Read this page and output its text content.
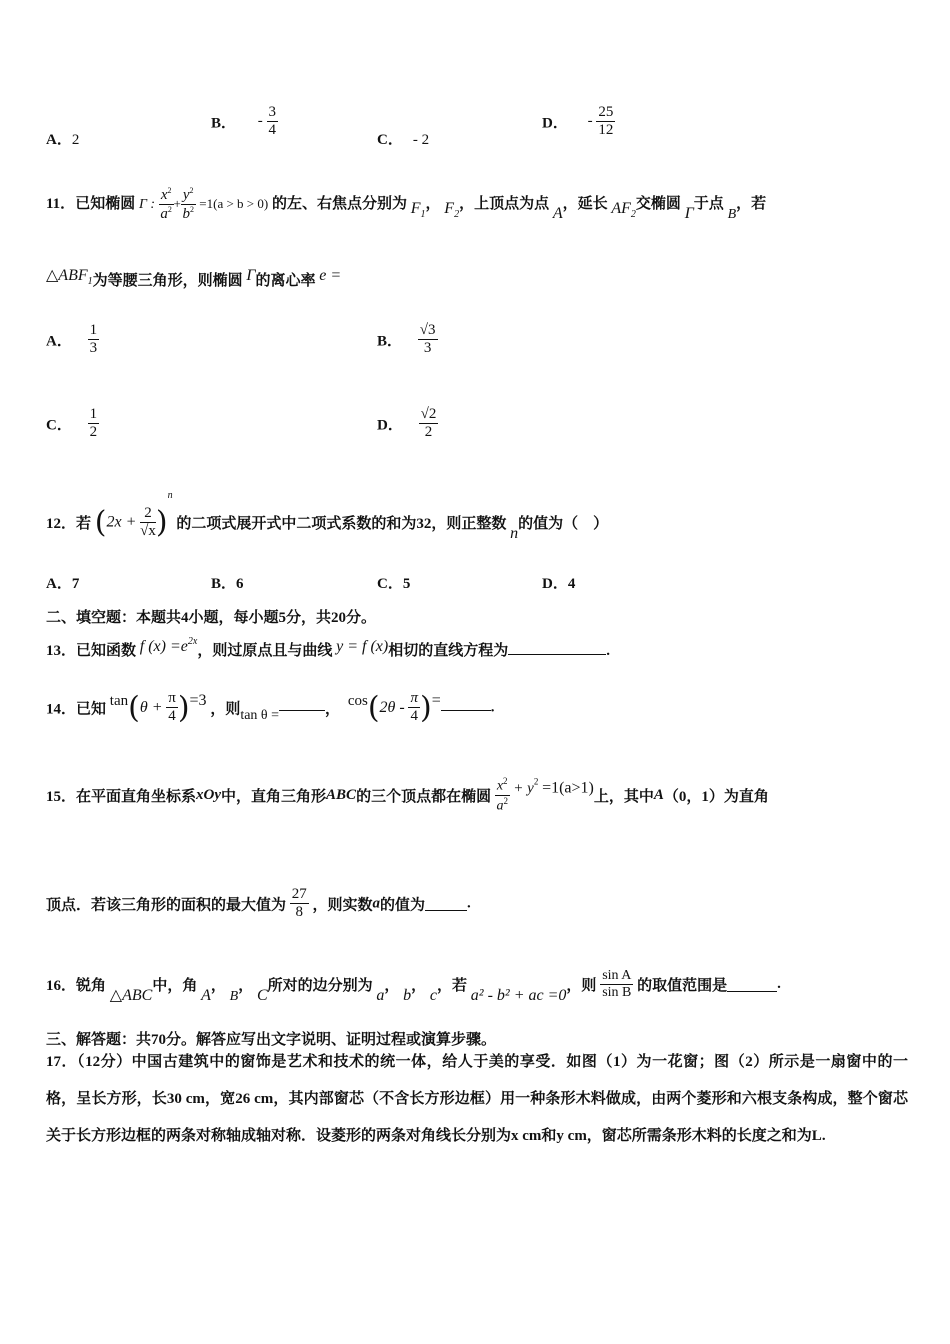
A．2
B． - $\frac{3}{4}$
C． - 2
D． - $\frac{25}{12}$
11．已知椭圆 Γ : $\frac{x^2}{a^2} + \frac{y^2}{b^2} =1(a > b > 0)$ 的左、右焦点分别为 $F_1$， $F_2$，上顶点为点 A，延长 $AF_2$交椭圆 Γ于点 B，若
$\triangle ABF_1$为等腰三角形，则椭圆 Γ的离心率 e =
A． $\frac{1}{3}$	B． $\frac{√3}{3}$
C． $\frac{1}{2}$	D． $\frac{√2}{2}$
12．若 $(2x + \frac{2}{√x} )^n$ 的二项式展开式中二项式系数的和为32，则正整数 n的值为（　）
A．7	B．6	C．5	D．4
二、填空题：本题共4小题，每小题5分，共20分。
13．已知函数 f $(x) =e^{2x}$，则过原点且与曲线 y = f (x)相切的直线方程为	.
14．已知 $\tan(\theta + \frac{\pi}{4} )=3$ ，则tan θ =	， $\cos(2\theta - \frac{\pi}{4}$ )=	.
15．在平面直角坐标系xOy中，直角三角形ABC的三个顶点都在椭圆 $\frac{x^2}{a^2} + y^2 =1(a>1)$上，其中A（0，1）为直角
顶点．若该三角形的面积的最大值为 $\frac{27}{8}$ ，则实数a的值为	.
16．锐角 △ABC中，角 A， B， C所对的边分别为 a， b， c，若 a² - b² + ac =0，则 $\frac{\text{sin A}}{\text{sin B}}$ 的取值范围是	.
三、解答题：共70分。解答应写出文字说明、证明过程或演算步骤。
17．（12分）中国古建筑中的窗饰是艺术和技术的统一体，给人于美的享受．如图（1）为一花窗；图（2）所示是一扇窗中的一格，呈长方形，长30 cm，宽26 cm，其内部窗芯（不含长方形边框）用一种条形木料做成，由两个菱形和六根支条构成，整个窗芯关于长方形边框的两条对称轴成轴对称．设菱形的两条对角线长分别为x cm和y cm，窗芯所需条形木料的长度之和为L.
